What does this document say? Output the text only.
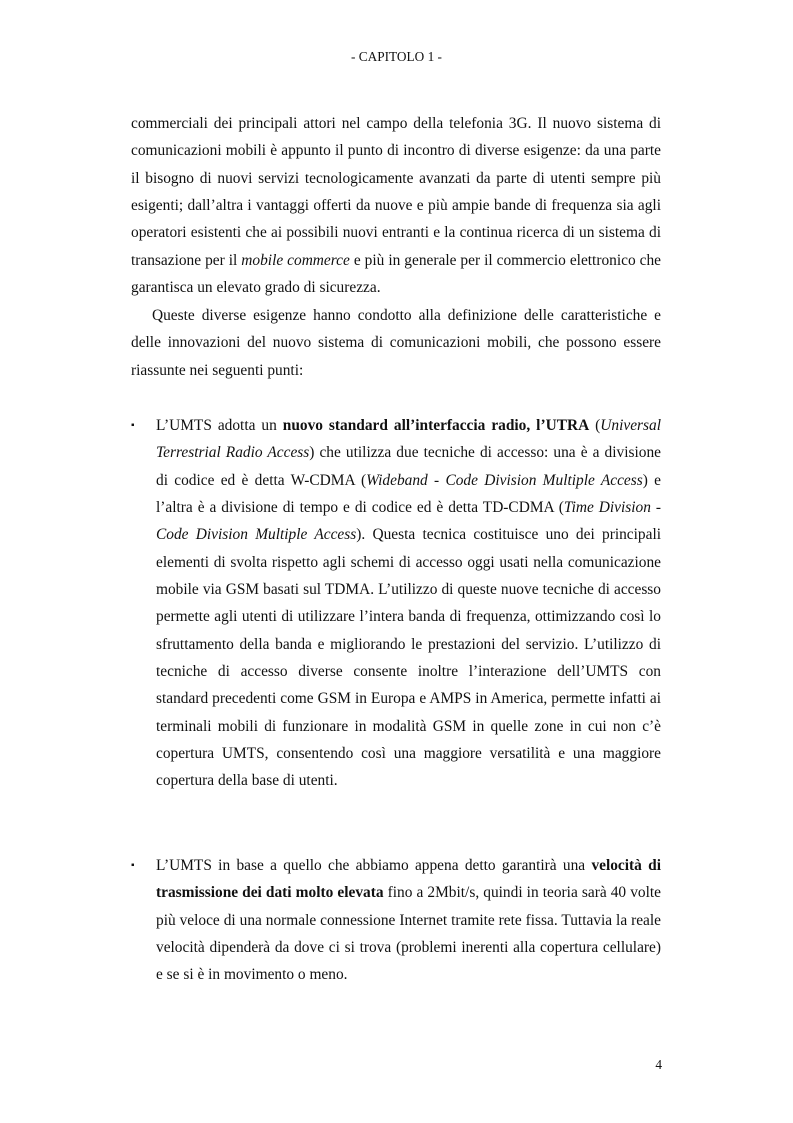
- CAPITOLO 1 -

commerciali dei principali attori nel campo della telefonia 3G. Il nuovo sistema di comunicazioni mobili è appunto il punto di incontro di diverse esigenze: da una parte il bisogno di nuovi servizi tecnologicamente avanzati da parte di utenti sempre più esigenti; dall’altra i vantaggi offerti da nuove e più ampie bande di frequenza sia agli operatori esistenti che ai possibili nuovi entranti e la continua ricerca di un sistema di transazione per il mobile commerce e più in generale per il commercio elettronico che garantisca un elevato grado di sicurezza.

Queste diverse esigenze hanno condotto alla definizione delle caratteristiche e delle innovazioni del nuovo sistema di comunicazioni mobili, che possono essere riassunte nei seguenti punti:

▪	L’UMTS adotta un nuovo standard all’interfaccia radio, l’UTRA (Universal Terrestrial Radio Access) che utilizza due tecniche di accesso: una è a divisione di codice ed è detta W-CDMA (Wideband - Code Division Multiple Access) e l’altra è a divisione di tempo e di codice ed è detta TD-CDMA (Time Division - Code Division Multiple Access). Questa tecnica costituisce uno dei principali elementi di svolta rispetto agli schemi di accesso oggi usati nella comunicazione mobile via GSM basati sul TDMA. L’utilizzo di queste nuove tecniche di accesso permette agli utenti di utilizzare l’intera banda di frequenza, ottimizzando così lo sfruttamento della banda e migliorando le prestazioni del servizio. L’utilizzo di tecniche di accesso diverse consente inoltre l’interazione dell’UMTS con standard precedenti come GSM in Europa e AMPS in America, permette infatti ai terminali mobili di funzionare in modalità GSM in quelle zone in cui non c’è copertura UMTS, consentendo così una maggiore versatilità e una maggiore copertura della base di utenti.

▪	L’UMTS in base a quello che abbiamo appena detto garantirà una velocità di trasmissione dei dati molto elevata fino a 2Mbit/s, quindi in teoria sarà 40 volte più veloce di una normale connessione Internet tramite rete fissa. Tuttavia la reale velocità dipenderà da dove ci si trova (problemi inerenti alla copertura cellulare) e se si è in movimento o meno.

4
